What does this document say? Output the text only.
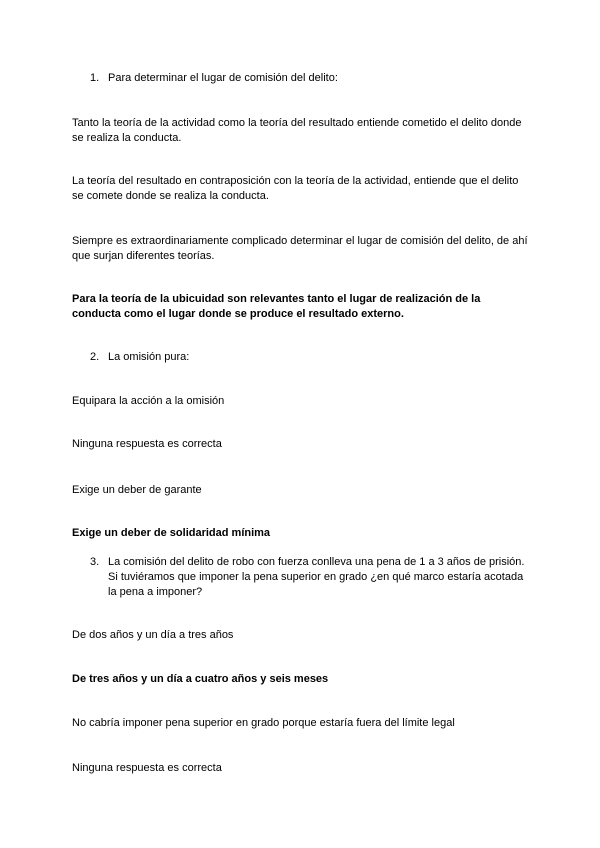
1. Para determinar el lugar de comisión del delito:
Tanto la teoría de la actividad como la teoría del resultado entiende cometido el delito donde se realiza la conducta.
La teoría del resultado en contraposición con la teoría de la actividad, entiende que el delito se comete donde se realiza la conducta.
Siempre es extraordinariamente complicado determinar el lugar de comisión del delito, de ahí que surjan diferentes teorías.
Para la teoría de la ubicuidad son relevantes tanto el lugar de realización de la conducta como el lugar donde se produce el resultado externo.
2. La omisión pura:
Equipara la acción a la omisión
Ninguna respuesta es correcta
Exige un deber de garante
Exige un deber de solidaridad mínima
3. La comisión del delito de robo con fuerza conlleva una pena de 1 a 3 años de prisión. Si tuviéramos que imponer la pena superior en grado ¿en qué marco estaría acotada la pena a imponer?
De dos años y un día a tres años
De tres años y un día a cuatro años y seis meses
No cabría imponer pena superior en grado porque estaría fuera del límite legal
Ninguna respuesta es correcta
